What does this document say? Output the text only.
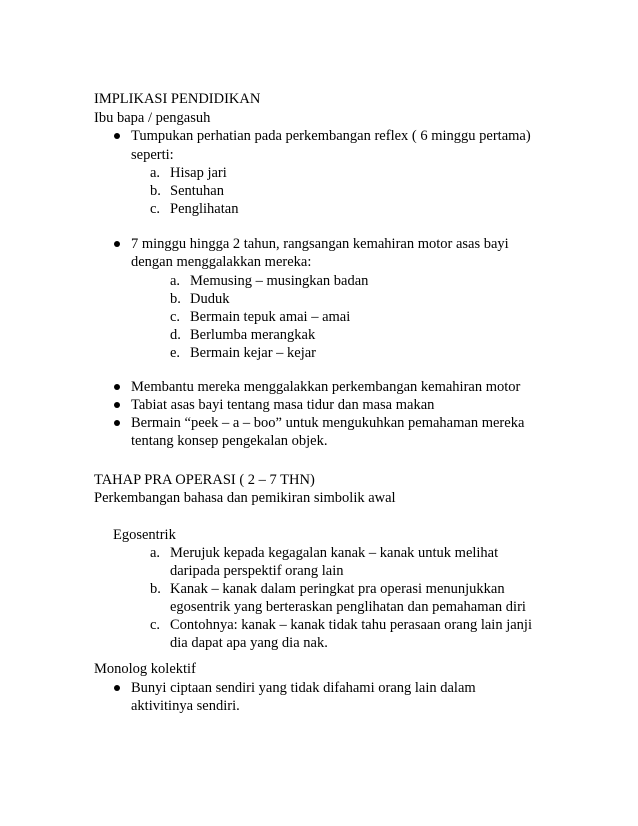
IMPLIKASI PENDIDIKAN
Ibu bapa / pengasuh
Tumpukan perhatian pada perkembangan reflex ( 6 minggu pertama)
seperti:
a. Hisap jari
b. Sentuhan
c. Penglihatan
7 minggu hingga 2 tahun, rangsangan kemahiran motor asas bayi
dengan menggalakkan mereka:
a. Memusing – musingkan badan
b. Duduk
c. Bermain tepuk amai – amai
d. Berlumba merangkak
e. Bermain kejar – kejar
Membantu mereka menggalakkan perkembangan kemahiran motor
Tabiat asas bayi tentang masa tidur dan masa makan
Bermain “peek – a – boo” untuk mengukuhkan pemahaman mereka
tentang konsep pengekalan objek.
TAHAP PRA OPERASI ( 2 – 7 THN)
Perkembangan bahasa dan pemikiran simbolik awal
Egosentrik
a. Merujuk kepada kegagalan kanak – kanak untuk melihat
daripada perspektif orang lain
b. Kanak – kanak dalam peringkat pra operasi menunjukkan
egosentrik yang berteraskan penglihatan dan pemahaman diri
c. Contohnya: kanak – kanak tidak tahu perasaan orang lain janji
dia dapat apa yang dia nak.
Monolog kolektif
Bunyi ciptaan sendiri yang tidak difahami orang lain dalam
aktivitinya sendiri.
